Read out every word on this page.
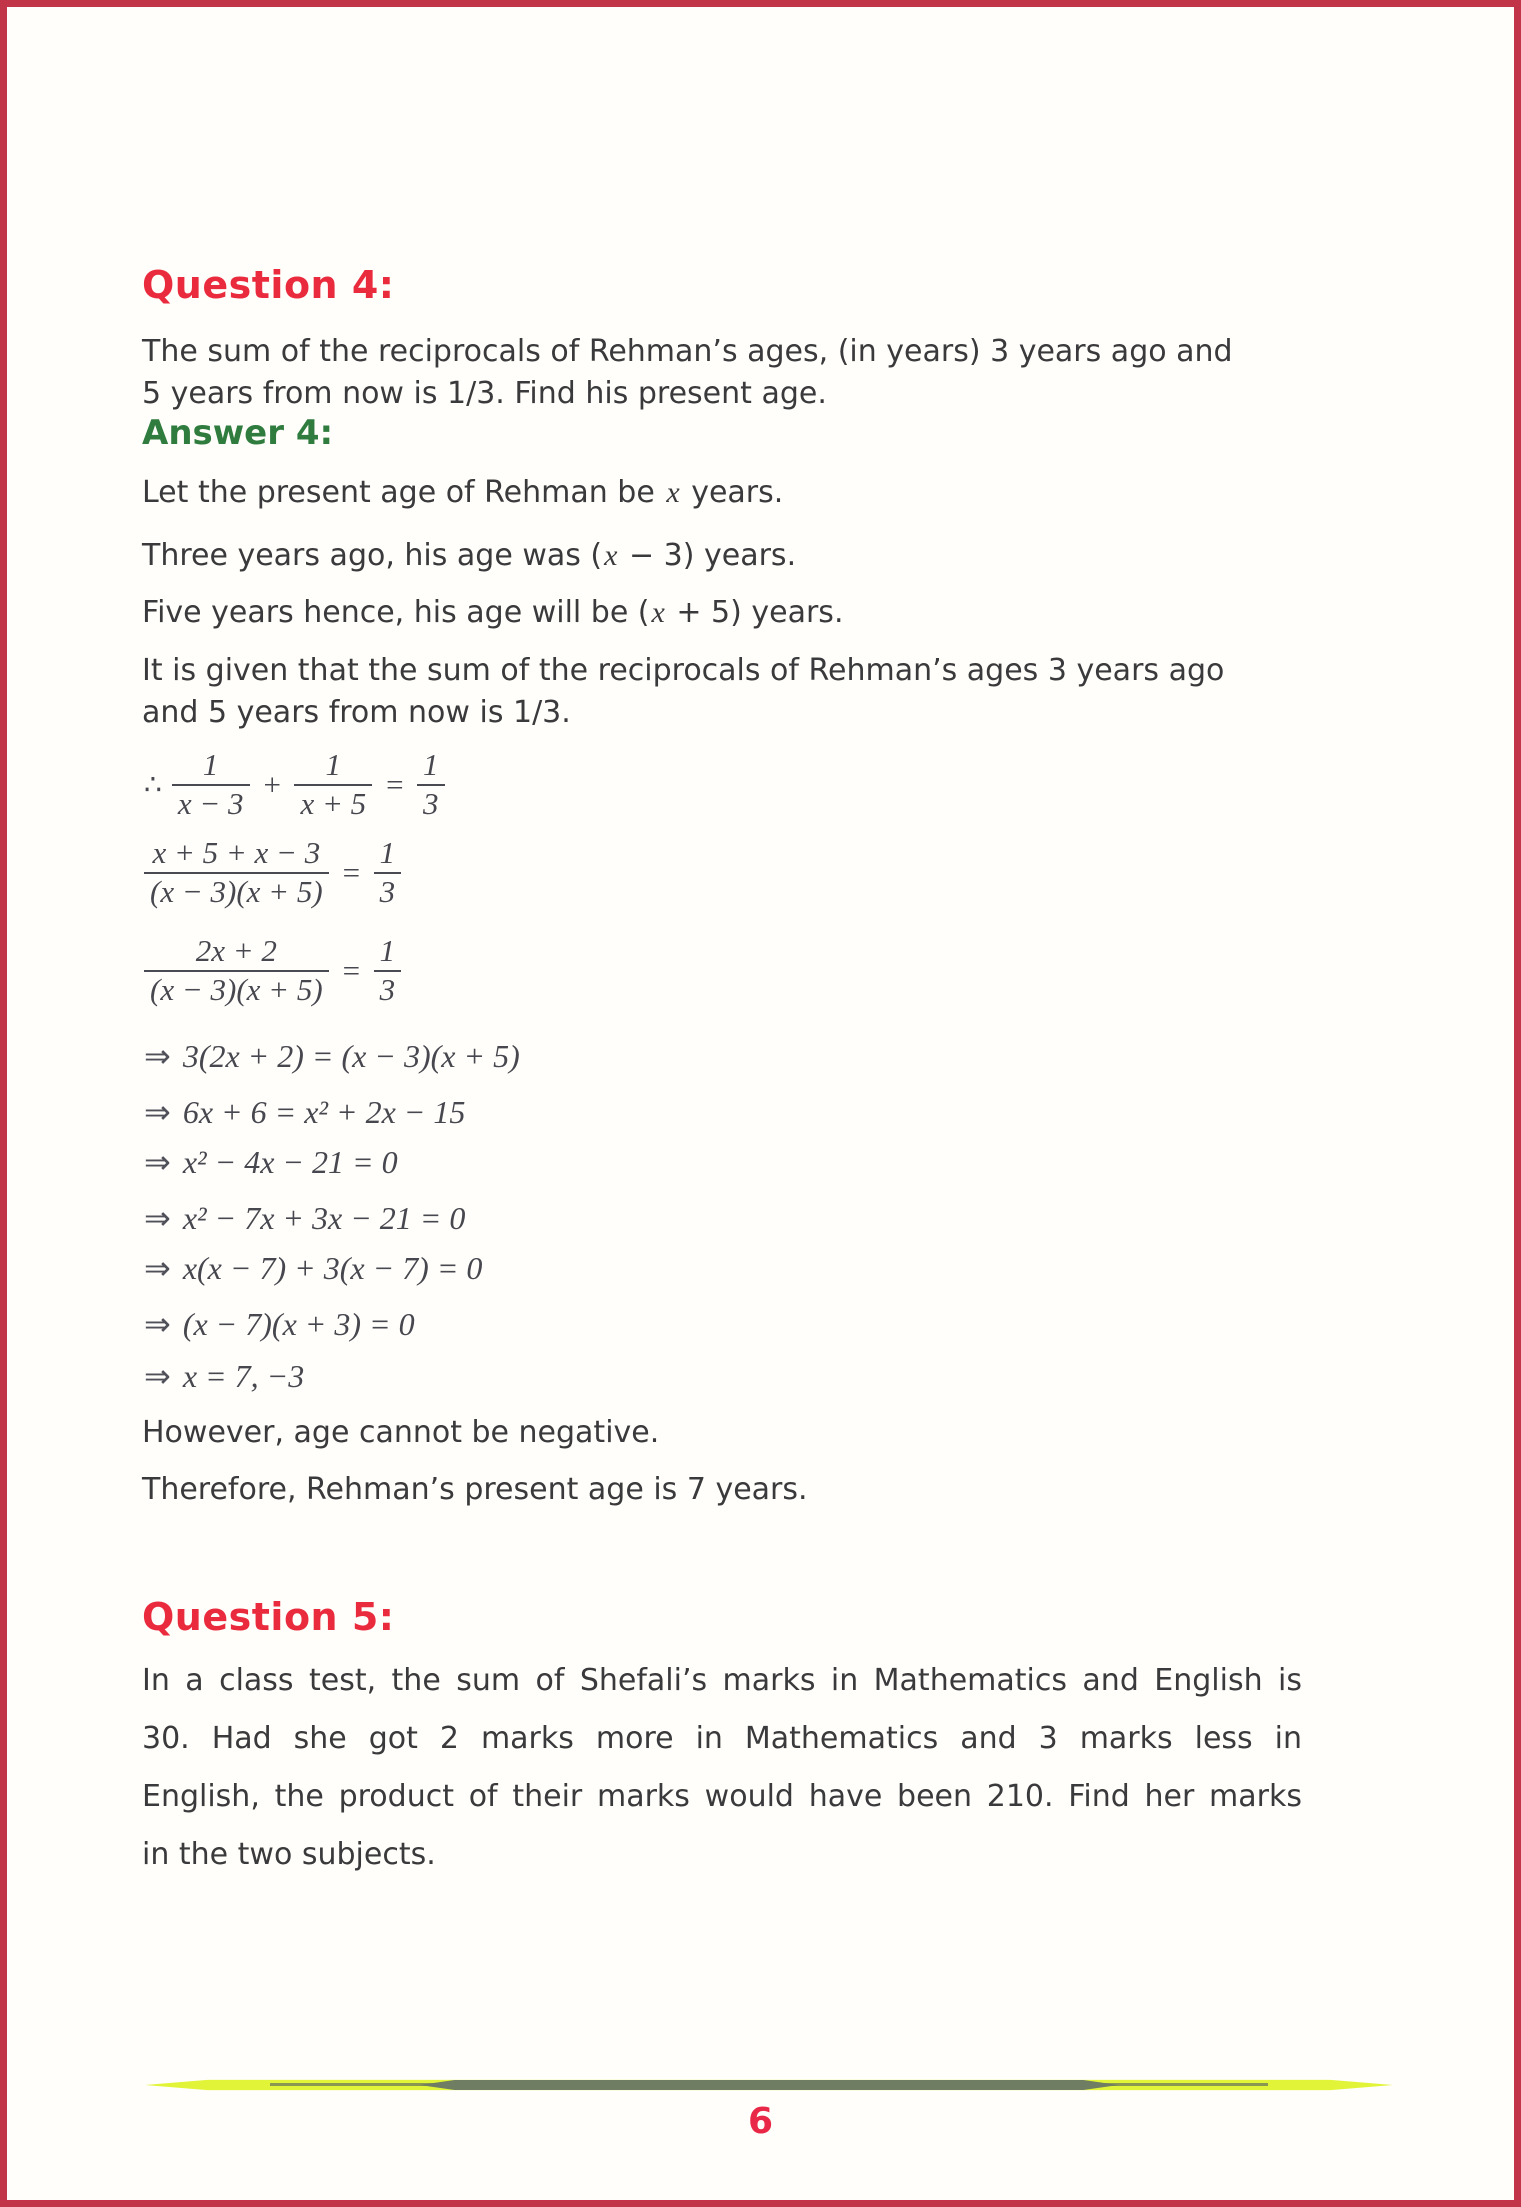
Question 4:
The sum of the reciprocals of Rehman’s ages, (in years) 3 years ago and
5 years from now is 1/3. Find his present age.
Answer 4:
Let the present age of Rehman be x years.
Three years ago, his age was (x − 3) years.
Five years hence, his age will be (x + 5) years.
It is given that the sum of the reciprocals of Rehman’s ages 3 years ago
and 5 years from now is 1/3.
∴ $\frac{1}{x - 3} + \frac{1}{x + 5} = \frac{1}{3}$
$\frac{x + 5 + x - 3}{(x - 3)(x + 5)} = \frac{1}{3}$
$\frac{2x + 2}{(x - 3)(x + 5)} = \frac{1}{3}$
⇒ 3(2x + 2) = (x − 3)(x + 5)
⇒ 6x + 6 = x² + 2x − 15
⇒ x² − 4x − 21 = 0
⇒ x² − 7x + 3x − 21 = 0
⇒ x(x − 7) + 3(x − 7) = 0
⇒ (x − 7)(x + 3) = 0
⇒ x = 7, −3
However, age cannot be negative.
Therefore, Rehman’s present age is 7 years.
Question 5:
In a class test, the sum of Shefali’s marks in Mathematics and English is
30. Had she got 2 marks more in Mathematics and 3 marks less in
English, the product of their marks would have been 210. Find her marks
in the two subjects.
6
